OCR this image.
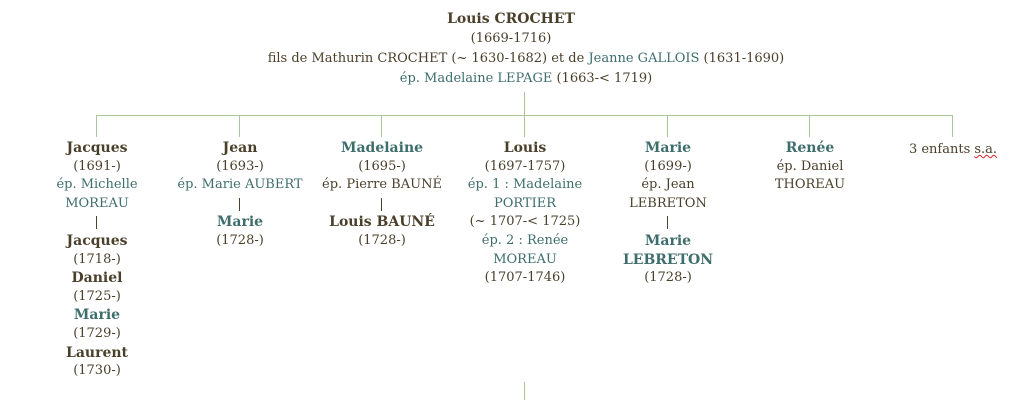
Louis CROCHET
(1669-1716)
fils de Mathurin CROCHET (~ 1630-1682) et de Jeanne GALLOIS (1631-1690)
ép. Madelaine LEPAGE (1663-< 1719)
Jacques
(1691-)
ép. Michelle
MOREAU
Jacques
(1718-)
Daniel
(1725-)
Marie
(1729-)
Laurent
(1730-)
Jean
(1693-)
ép. Marie AUBERT
Marie
(1728-)
Madelaine
(1695-)
ép. Pierre BAUNÉ
Louis BAUNÉ
(1728-)
Louis
(1697-1757)
ép. 1 : Madelaine
PORTIER
(~ 1707-< 1725)
ép. 2 : Renée
MOREAU
(1707-1746)
Marie
(1699-)
ép. Jean
LEBRETON
Marie
LEBRETON
(1728-)
Renée
ép. Daniel
THOREAU
3 enfants s.a.
